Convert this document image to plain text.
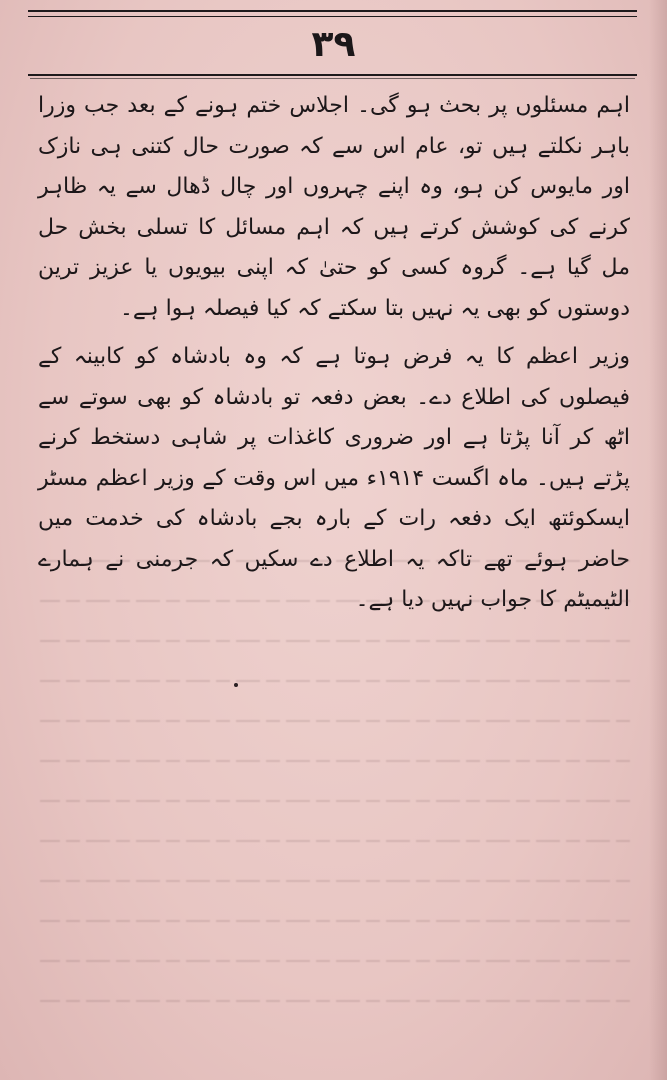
۳۹

اہم مسئلوں پر بحث ہو گی۔ اجلاس ختم ہونے کے بعد جب وزرا باہر نکلتے ہیں تو، عام اس سے کہ صورت حال کتنی ہی نازک اور مایوس کن ہو، وہ اپنے چہروں اور چال ڈھال سے یہ ظاہر کرنے کی کوشش کرتے ہیں کہ اہم مسائل کا تسلی بخش حل مل گیا ہے۔ گروہ کسی کو حتیٰ کہ اپنی بیویوں یا عزیز ترین دوستوں کو بھی یہ نہیں بتا سکتے کہ کیا فیصلہ ہوا ہے۔

وزیر اعظم کا یہ فرض ہوتا ہے کہ وہ بادشاہ کو کابینہ کے فیصلوں کی اطلاع دے۔ بعض دفعہ تو بادشاہ کو بھی سوتے سے اٹھ کر آنا پڑتا ہے اور ضروری کاغذات پر شاہی دستخط کرنے پڑتے ہیں۔ ماہ اگست ۱۹۱۴ء میں اس وقت کے وزیر اعظم مسٹر ایسکوئتھ ایک دفعہ رات کے بارہ بجے بادشاہ کی خدمت میں حاضر ہوئے تھے تاکہ یہ اطلاع دے سکیں کہ جرمنی نے ہمارے الٹیمیٹم کا جواب نہیں دیا ہے۔
